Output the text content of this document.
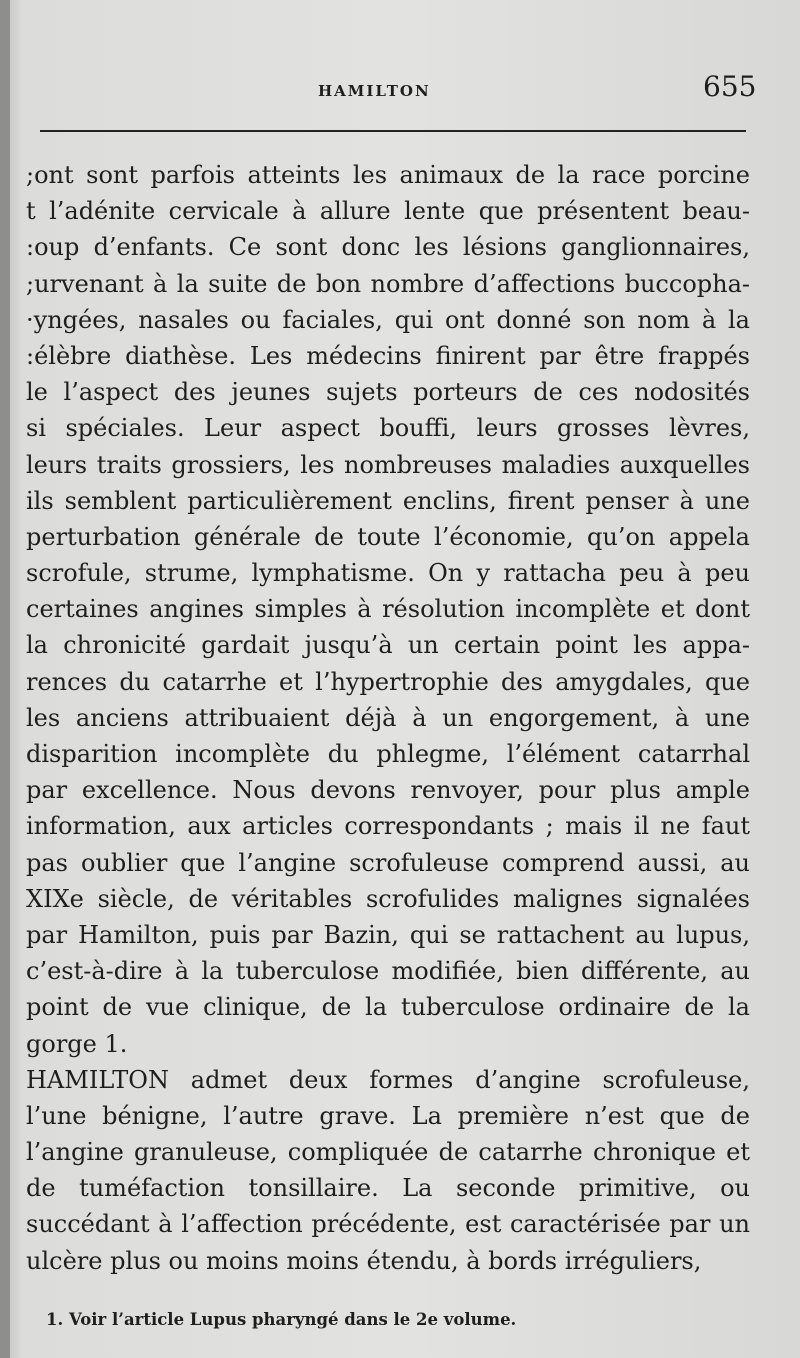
HAMILTON	655
;ont sont parfois atteints les animaux de la race porcine
t l’adénite cervicale à allure lente que présentent beau-
:oup d’enfants. Ce sont donc les lésions ganglionnaires,
;urvenant à la suite de bon nombre d’affections buccopha-
·yngées, nasales ou faciales, qui ont donné son nom à la
:élèbre diathèse. Les médecins finirent par être frappés
le l’aspect des jeunes sujets porteurs de ces nodosités
si spéciales. Leur aspect bouffi, leurs grosses lèvres,
leurs traits grossiers, les nombreuses maladies auxquelles
ils semblent particulièrement enclins, firent penser à une
perturbation générale de toute l’économie, qu’on appela
scrofule, strume, lymphatisme. On y rattacha peu à peu
certaines angines simples à résolution incomplète et dont
la chronicité gardait jusqu’à un certain point les appa-
rences du catarrhe et l’hypertrophie des amygdales, que
les anciens attribuaient déjà à un engorgement, à une
disparition incomplète du phlegme, l’élément catarrhal
par excellence. Nous devons renvoyer, pour plus ample
information, aux articles correspondants ; mais il ne faut
pas oublier que l’angine scrofuleuse comprend aussi, au
XIXe siècle, de véritables scrofulides malignes signalées
par Hamilton, puis par Bazin, qui se rattachent au lupus,
c’est-à-dire à la tuberculose modifiée, bien différente, au
point de vue clinique, de la tuberculose ordinaire de la
gorge 1.
HAMILTON admet deux formes d’angine scrofuleuse,
l’une bénigne, l’autre grave. La première n’est que de
l’angine granuleuse, compliquée de catarrhe chronique et
de tuméfaction tonsillaire. La seconde primitive, ou
succédant à l’affection précédente, est caractérisée par un
ulcère plus ou moins moins étendu, à bords irréguliers,
1. Voir l’article Lupus pharyngé dans le 2e volume.
